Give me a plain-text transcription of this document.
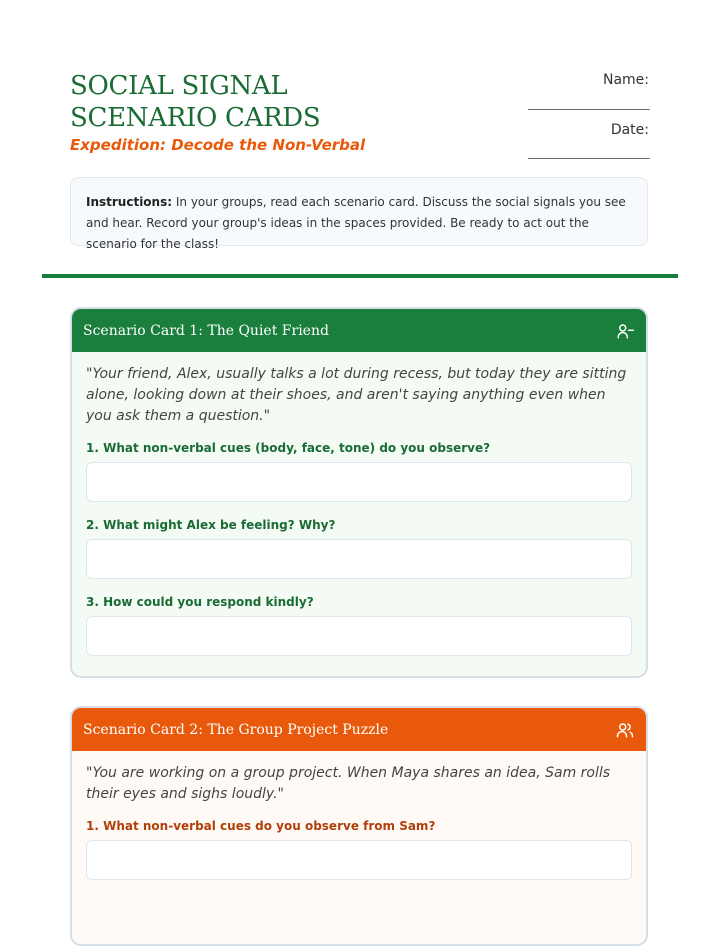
SOCIAL SIGNAL SCENARIO CARDS
Expedition: Decode the Non-Verbal
Name:
______________________
Date:
______________________
Instructions: In your groups, read each scenario card. Discuss the social signals you see and hear. Record your group's ideas in the spaces provided. Be ready to act out the scenario for the class!
Scenario Card 1: The Quiet Friend

"Your friend, Alex, usually talks a lot during recess, but today they are sitting alone, looking down at their shoes, and aren't saying anything even when you ask them a question."

1. What non-verbal cues (body, face, tone) do you observe?
2. What might Alex be feeling? Why?
3. How could you respond kindly?
Scenario Card 2: The Group Project Puzzle

"You are working on a group project. When Maya shares an idea, Sam rolls their eyes and sighs loudly."

1. What non-verbal cues do you observe from Sam?
